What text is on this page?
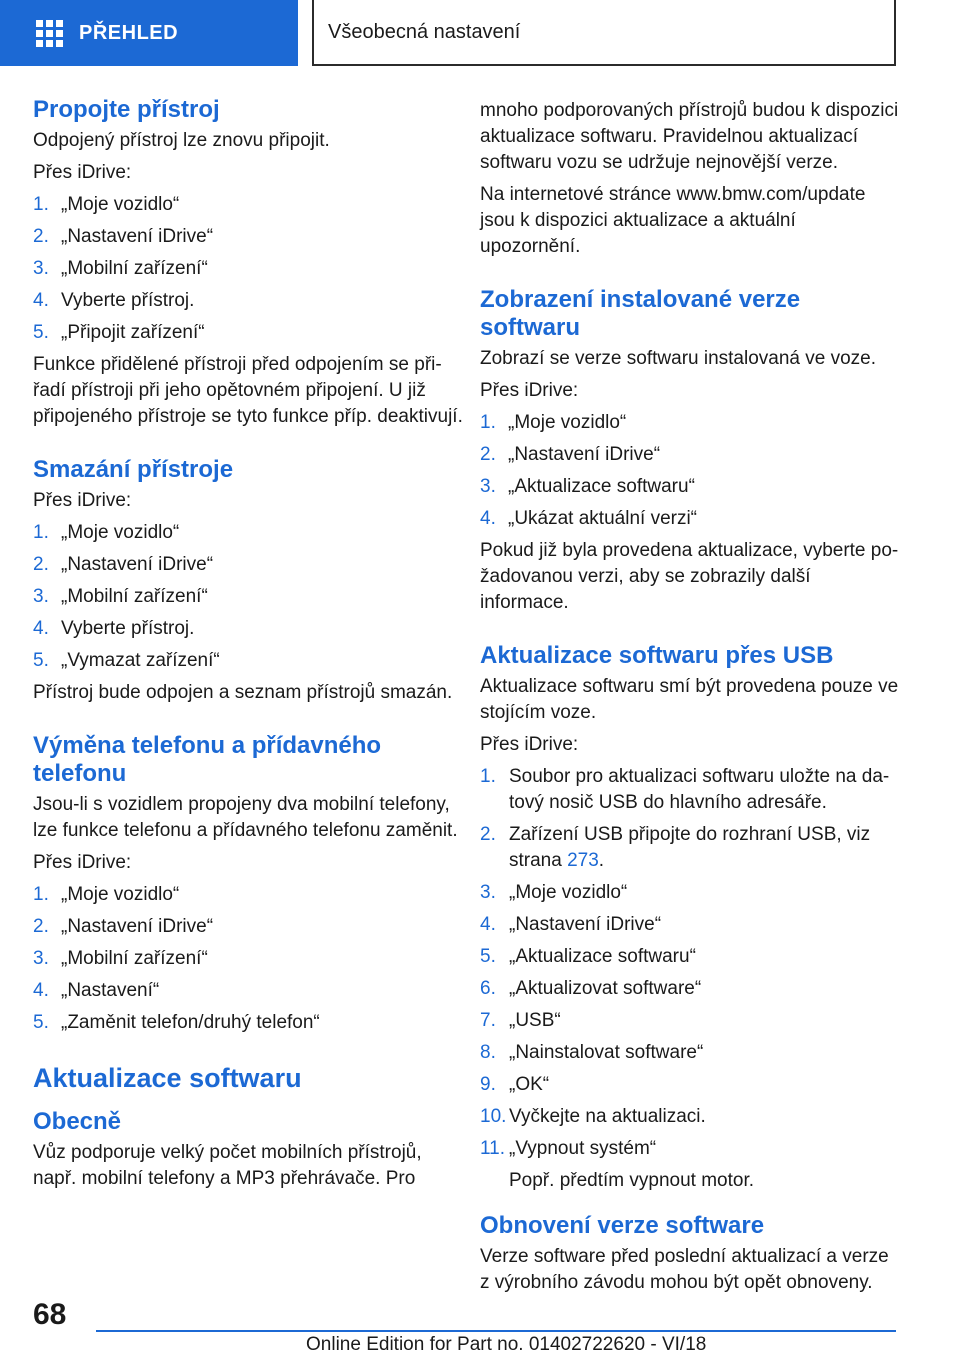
PŘEHLED	Všeobecná nastavení
Propojte přístroj

Odpojený přístroj lze znovu připojit.

Přes iDrive:

1. „Moje vozidlo“
2. „Nastavení iDrive“
3. „Mobilní zařízení“
4. Vyberte přístroj.
5. „Připojit zařízení“

Funkce přidělené přístroji před odpojením se přiřadí přístroji při jeho opětovném připojení. U již připojeného přístroje se tyto funkce příp. deaktivují.

Smazání přístroje

Přes iDrive:

1. „Moje vozidlo“
2. „Nastavení iDrive“
3. „Mobilní zařízení“
4. Vyberte přístroj.
5. „Vymazat zařízení“

Přístroj bude odpojen a seznam přístrojů smazán.

Výměna telefonu a přídavného telefonu

Jsou-li s vozidlem propojeny dva mobilní telefony, lze funkce telefonu a přídavného telefonu zaměnit.

Přes iDrive:

1. „Moje vozidlo“
2. „Nastavení iDrive“
3. „Mobilní zařízení“
4. „Nastavení“
5. „Zaměnit telefon/druhý telefon“
Aktualizace softwaru
Obecně

Vůz podporuje velký počet mobilních přístrojů, např. mobilní telefony a MP3 přehrávače. Pro

mnoho podporovaných přístrojů budou k dispozici aktualizace softwaru. Pravidelnou aktualizací softwaru vozu se udržuje nejnovější verze.

Na internetové stránce www.bmw.com/update jsou k dispozici aktualizace a aktuální upozornění.

Zobrazení instalované verze softwaru

Zobrazí se verze softwaru instalovaná ve voze.

Přes iDrive:

1. „Moje vozidlo“
2. „Nastavení iDrive“
3. „Aktualizace softwaru“
4. „Ukázat aktuální verzi“

Pokud již byla provedena aktualizace, vyberte požadovanou verzi, aby se zobrazily další informace.

Aktualizace softwaru přes USB

Aktualizace softwaru smí být provedena pouze ve stojícím voze.

Přes iDrive:

1. Soubor pro aktualizaci softwaru uložte na datový nosič USB do hlavního adresáře.
2. Zařízení USB připojte do rozhraní USB, viz strana 273.
3. „Moje vozidlo“
4. „Nastavení iDrive“
5. „Aktualizace softwaru“
6. „Aktualizovat software“
7. „USB“
8. „Nainstalovat software“
9. „OK“
10. Vyčkejte na aktualizaci.
11. „Vypnout systém“
Popř. předtím vypnout motor.
Obnovení verze software

Verze software před poslední aktualizací a verze z výrobního závodu mohou být opět obnoveny.

68
Online Edition for Part no. 01402722620 - VI/18
